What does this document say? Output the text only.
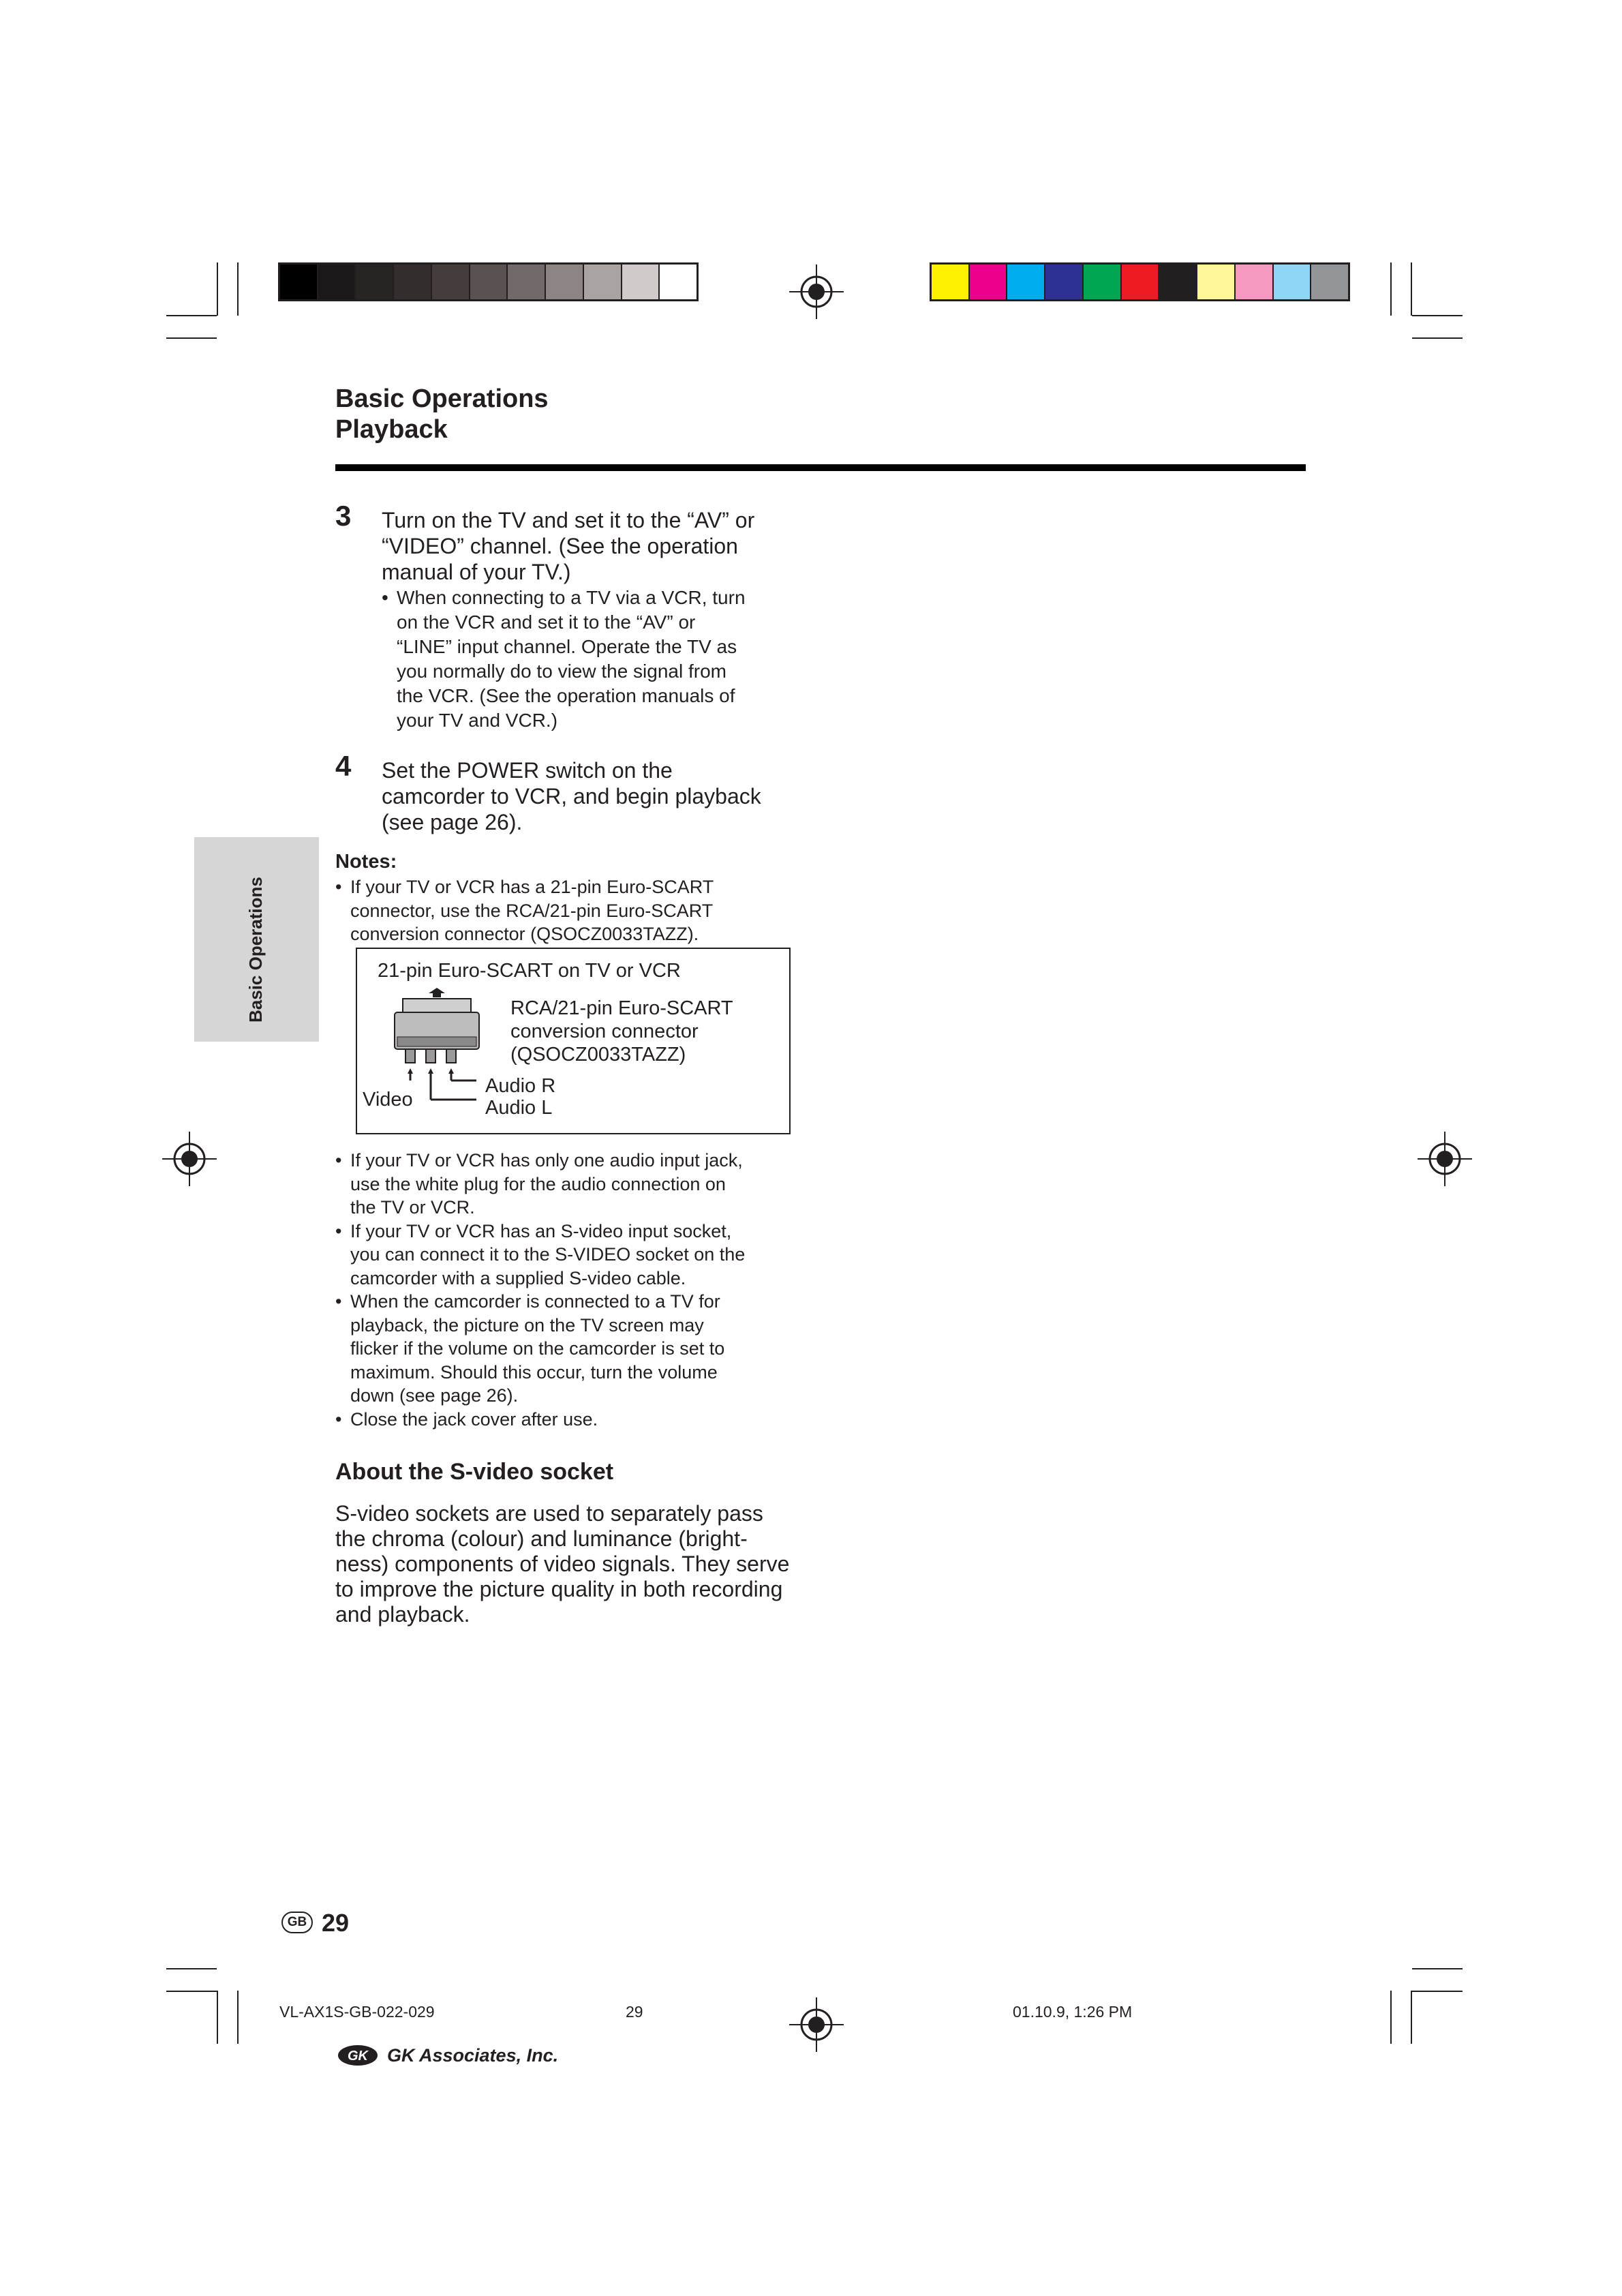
Basic Operations
Playback
Basic Operations
3 Turn on the TV and set it to the “AV” or
“VIDEO” channel. (See the operation
manual of your TV.)
• When connecting to a TV via a VCR, turn
on the VCR and set it to the “AV” or
“LINE” input channel. Operate the TV as
you normally do to view the signal from
the VCR. (See the operation manuals of
your TV and VCR.)
4 Set the POWER switch on the
camcorder to VCR, and begin playback
(see page 26).
Notes:
• If your TV or VCR has a 21-pin Euro-SCART
connector, use the RCA/21-pin Euro-SCART
conversion connector (QSOCZ0033TAZZ).
21-pin Euro-SCART on TV or VCR
RCA/21-pin Euro-SCART
conversion connector
(QSOCZ0033TAZZ)
Video
Audio R
Audio L
• If your TV or VCR has only one audio input jack,
use the white plug for the audio connection on
the TV or VCR.
• If your TV or VCR has an S-video input socket,
you can connect it to the S-VIDEO socket on the
camcorder with a supplied S-video cable.
• When the camcorder is connected to a TV for
playback, the picture on the TV screen may
flicker if the volume on the camcorder is set to
maximum. Should this occur, turn the volume
down (see page 26).
• Close the jack cover after use.
About the S-video socket
S-video sockets are used to separately pass
the chroma (colour) and luminance (bright-
ness) components of video signals. They serve
to improve the picture quality in both recording
and playback.
GB 29
VL-AX1S-GB-022-029	29	01.10.9, 1:26 PM
GK GK Associates, Inc.
